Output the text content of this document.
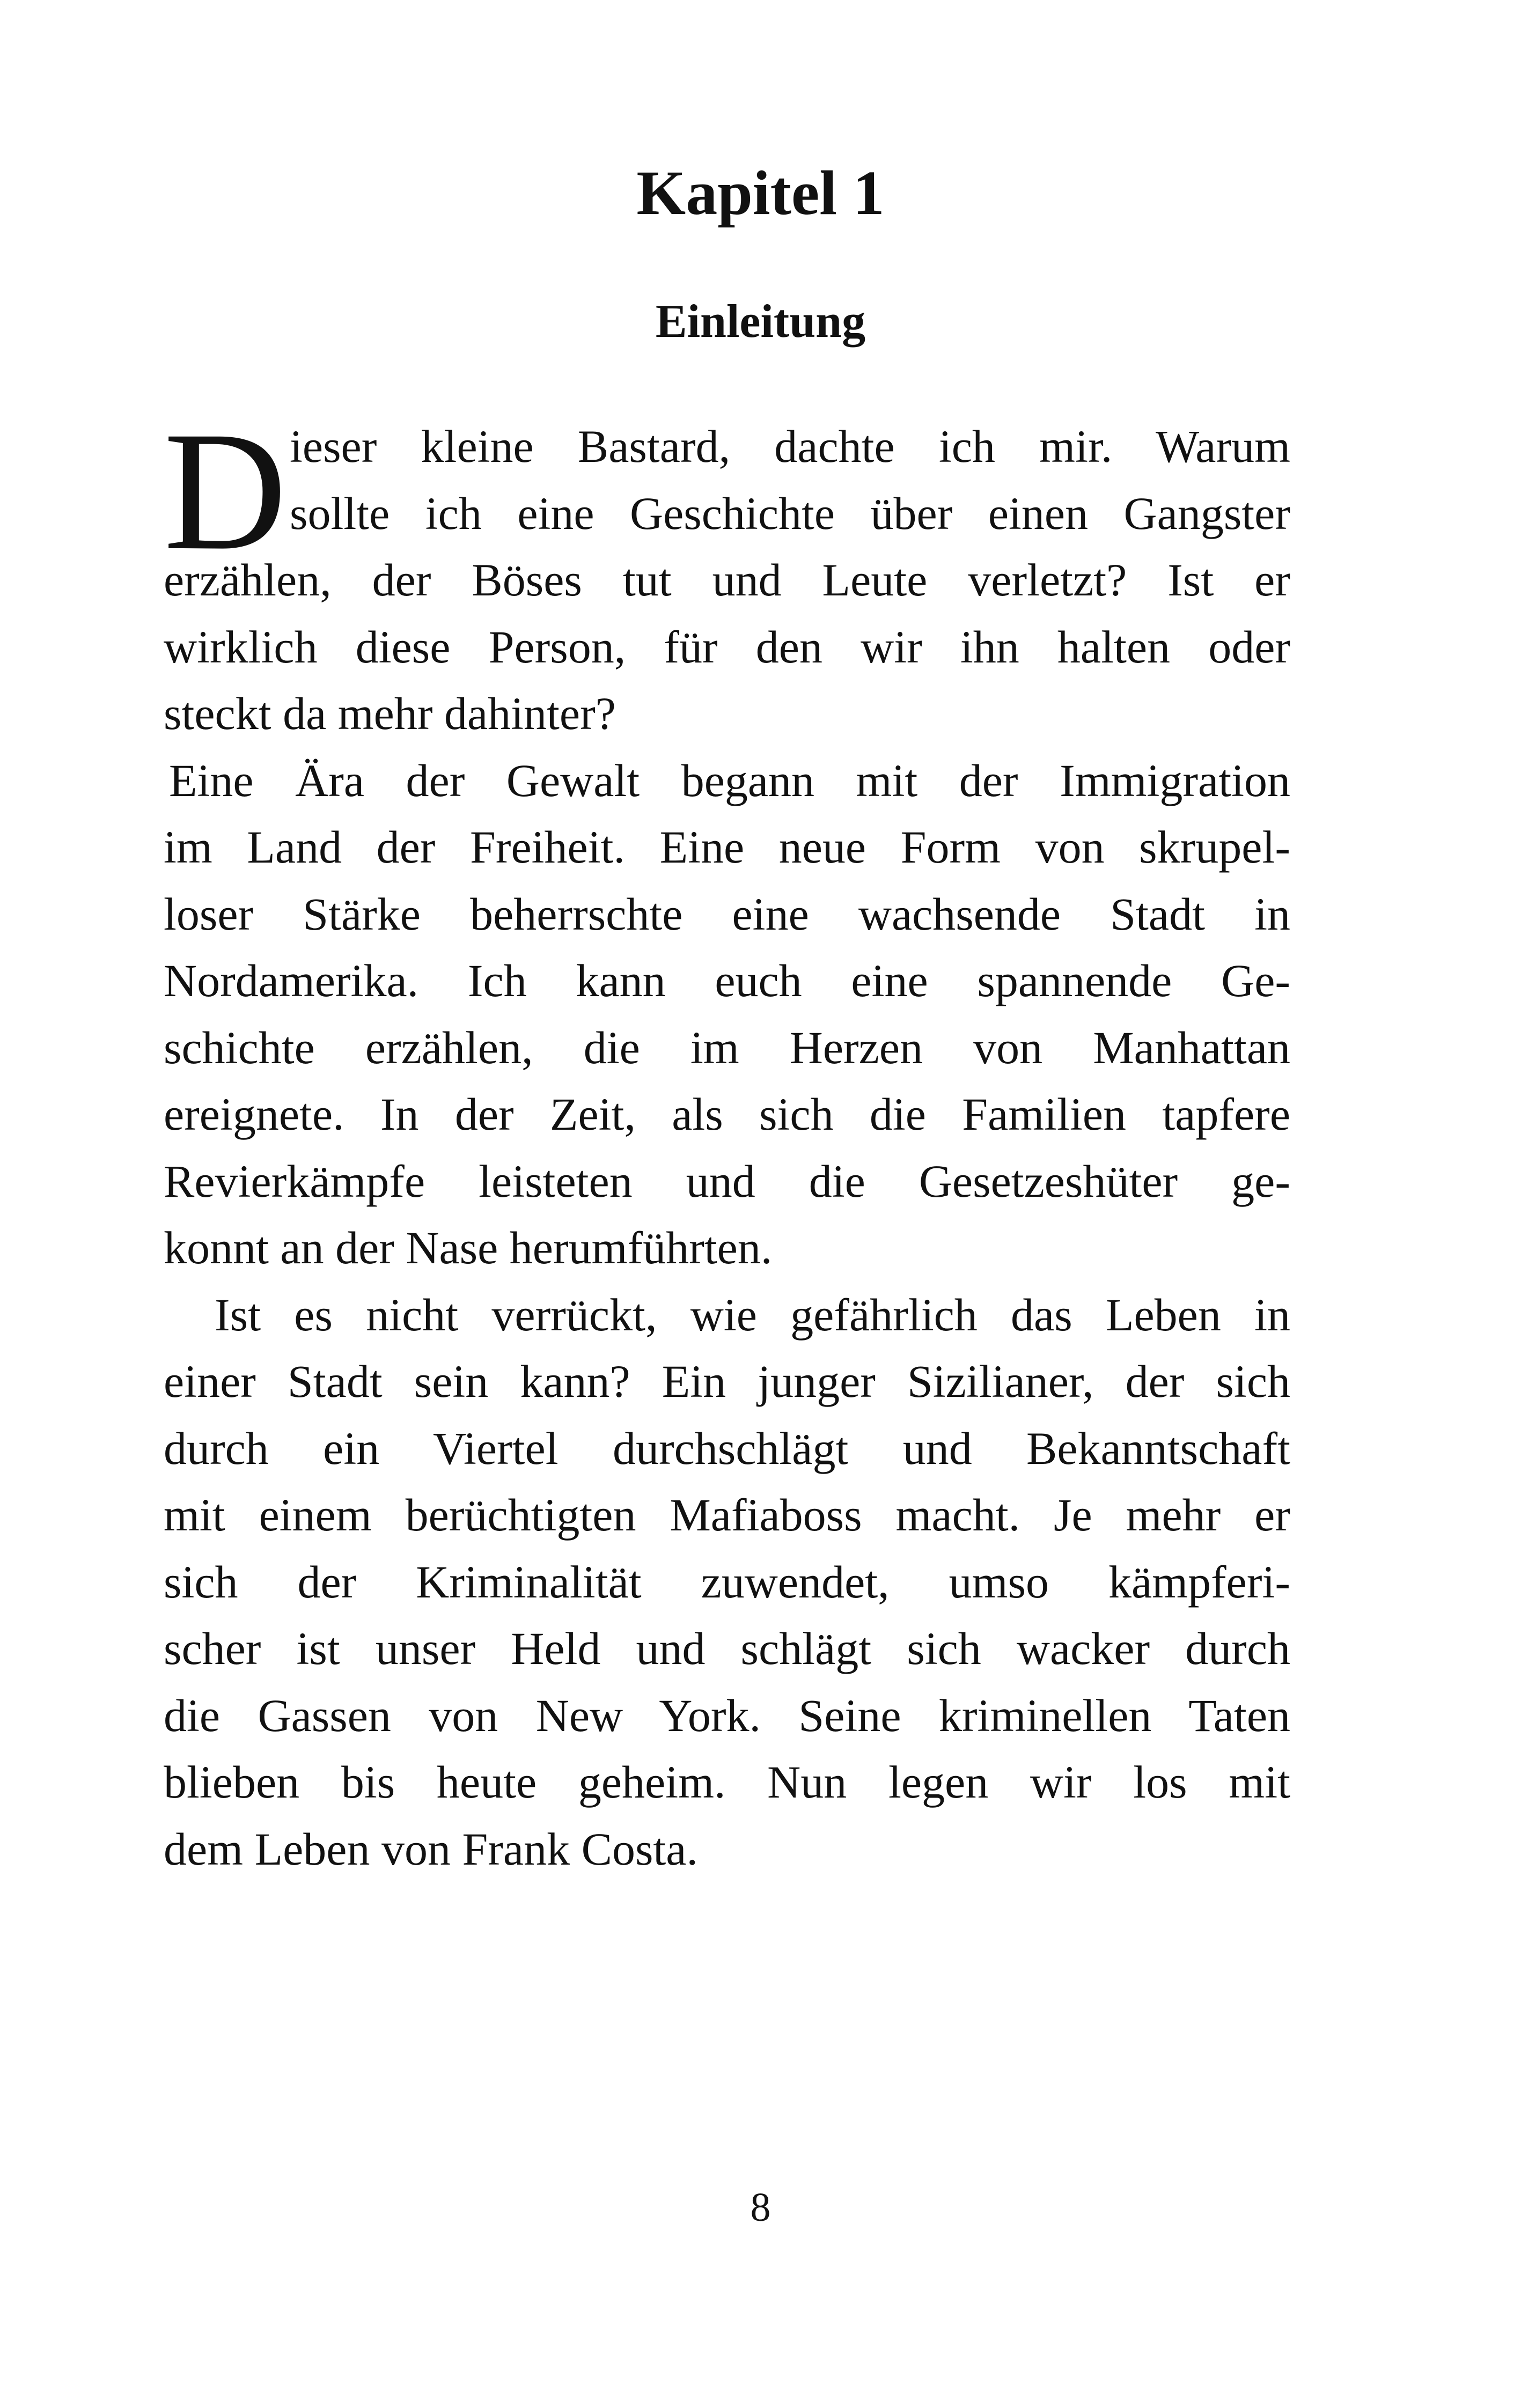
Kapitel 1
Einleitung
D ieser kleine Bastard, dachte ich mir. Warum
sollte ich eine Geschichte über einen Gangster
erzählen, der Böses tut und Leute verletzt? Ist er
wirklich diese Person, für den wir ihn halten oder
steckt da mehr dahinter?
Eine Ära der Gewalt begann mit der Immigration
im Land der Freiheit. Eine neue Form von skrupel-
loser Stärke beherrschte eine wachsende Stadt in
Nordamerika. Ich kann euch eine spannende Ge-
schichte erzählen, die im Herzen von Manhattan
ereignete. In der Zeit, als sich die Familien tapfere
Revierkämpfe leisteten und die Gesetzeshüter ge-
konnt an der Nase herumführten.
Ist es nicht verrückt, wie gefährlich das Leben in
einer Stadt sein kann? Ein junger Sizilianer, der sich
durch ein Viertel durchschlägt und Bekanntschaft
mit einem berüchtigten Mafiaboss macht. Je mehr er
sich der Kriminalität zuwendet, umso kämpferi-
scher ist unser Held und schlägt sich wacker durch
die Gassen von New York. Seine kriminellen Taten
blieben bis heute geheim. Nun legen wir los mit
dem Leben von Frank Costa.
8
